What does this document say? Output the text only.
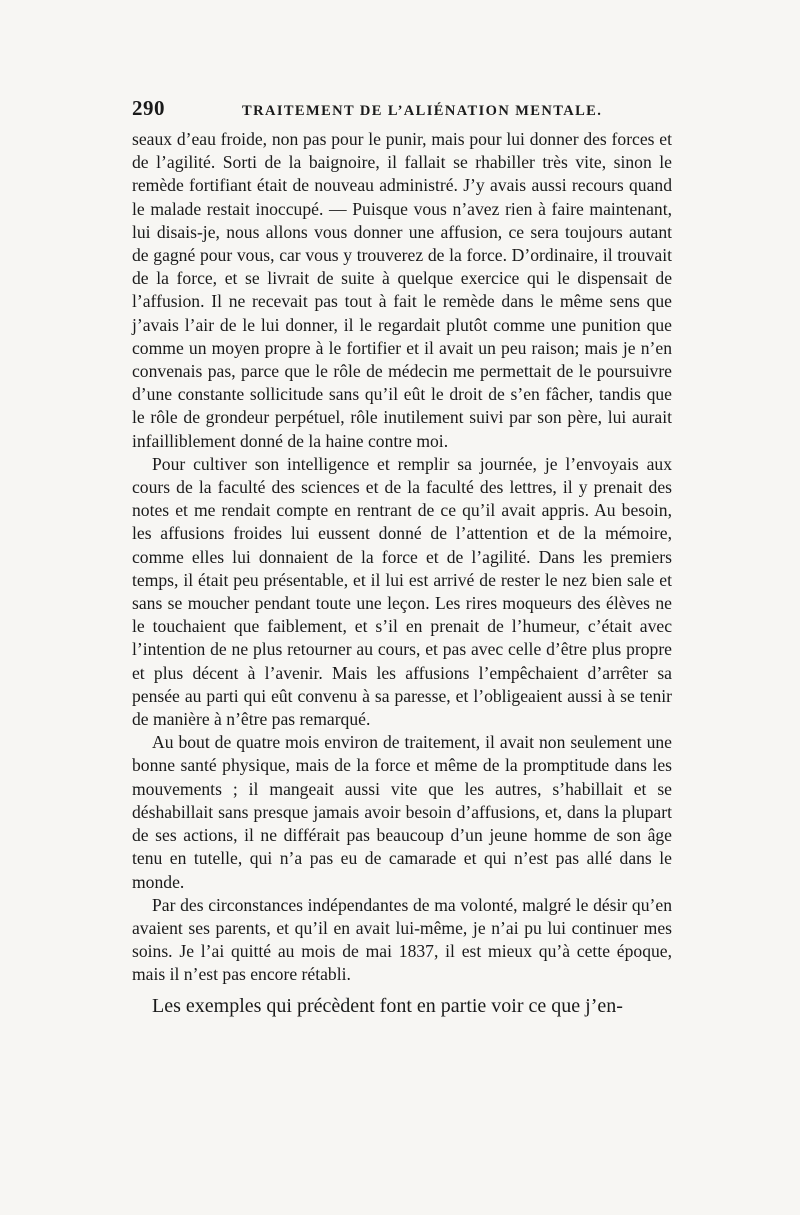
290	TRAITEMENT DE L’ALIÉNATION MENTALE.

seaux d’eau froide, non pas pour le punir, mais pour lui donner des forces et de l’agilité. Sorti de la baignoire, il fallait se rhabiller très vite, sinon le remède fortifiant était de nouveau administré. J’y avais aussi recours quand le malade restait inoccupé. — Puisque vous n’avez rien à faire maintenant, lui disais-je, nous allons vous donner une affusion, ce sera toujours autant de gagné pour vous, car vous y trouverez de la force. D’ordinaire, il trouvait de la force, et se livrait de suite à quelque exercice qui le dispensait de l’affusion. Il ne recevait pas tout à fait le remède dans le même sens que j’avais l’air de le lui donner, il le regardait plutôt comme une punition que comme un moyen propre à le fortifier et il avait un peu raison; mais je n’en convenais pas, parce que le rôle de médecin me permettait de le poursuivre d’une constante sollicitude sans qu’il eût le droit de s’en fâcher, tandis que le rôle de grondeur perpétuel, rôle inutilement suivi par son père, lui aurait infailliblement donné de la haine contre moi.

Pour cultiver son intelligence et remplir sa journée, je l’envoyais aux cours de la faculté des sciences et de la faculté des lettres, il y prenait des notes et me rendait compte en rentrant de ce qu’il avait appris. Au besoin, les affusions froides lui eussent donné de l’attention et de la mémoire, comme elles lui donnaient de la force et de l’agilité. Dans les premiers temps, il était peu présentable, et il lui est arrivé de rester le nez bien sale et sans se moucher pendant toute une leçon. Les rires moqueurs des élèves ne le touchaient que faiblement, et s’il en prenait de l’humeur, c’était avec l’intention de ne plus retourner au cours, et pas avec celle d’être plus propre et plus décent à l’avenir. Mais les affusions l’empêchaient d’arrêter sa pensée au parti qui eût convenu à sa paresse, et l’obligeaient aussi à se tenir de manière à n’être pas remarqué.

Au bout de quatre mois environ de traitement, il avait non seulement une bonne santé physique, mais de la force et même de la promptitude dans les mouvements ; il mangeait aussi vite que les autres, s’habillait et se déshabillait sans presque jamais avoir besoin d’affusions, et, dans la plupart de ses actions, il ne différait pas beaucoup d’un jeune homme de son âge tenu en tutelle, qui n’a pas eu de camarade et qui n’est pas allé dans le monde.

Par des circonstances indépendantes de ma volonté, malgré le désir qu’en avaient ses parents, et qu’il en avait lui-même, je n’ai pu lui continuer mes soins. Je l’ai quitté au mois de mai 1837, il est mieux qu’à cette époque, mais il n’est pas encore rétabli.

Les exemples qui précèdent font en partie voir ce que j’en-
